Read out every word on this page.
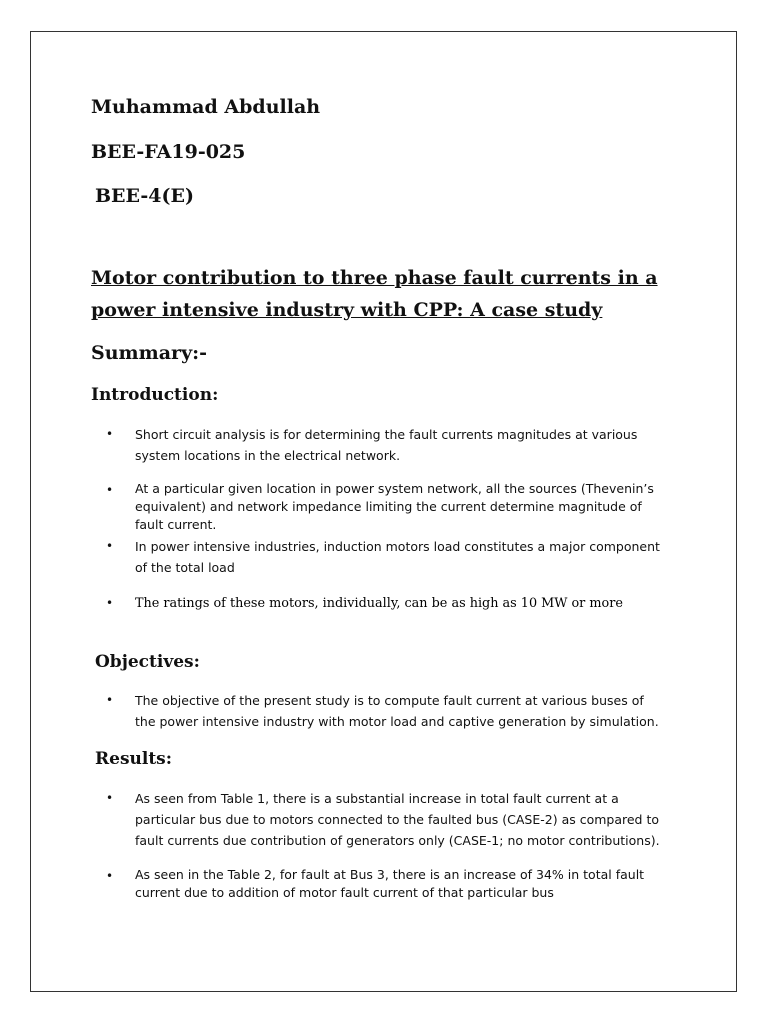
Muhammad Abdullah

BEE-FA19-025

BEE-4(E)

Motor contribution to three phase fault currents in a power intensive industry with CPP: A case study

Summary:-

Introduction:

• Short circuit analysis is for determining the fault currents magnitudes at various system locations in the electrical network.
• At a particular given location in power system network, all the sources (Thevenin’s equivalent) and network impedance limiting the current determine magnitude of fault current.
• In power intensive industries, induction motors load constitutes a major component of the total load
• The ratings of these motors, individually, can be as high as 10 MW or more

Objectives:

• The objective of the present study is to compute fault current at various buses of the power intensive industry with motor load and captive generation by simulation.

Results:

• As seen from Table 1, there is a substantial increase in total fault current at a particular bus due to motors connected to the faulted bus (CASE-2) as compared to fault currents due contribution of generators only (CASE-1; no motor contributions).
• As seen in the Table 2, for fault at Bus 3, there is an increase of 34% in total fault current due to addition of motor fault current of that particular bus
